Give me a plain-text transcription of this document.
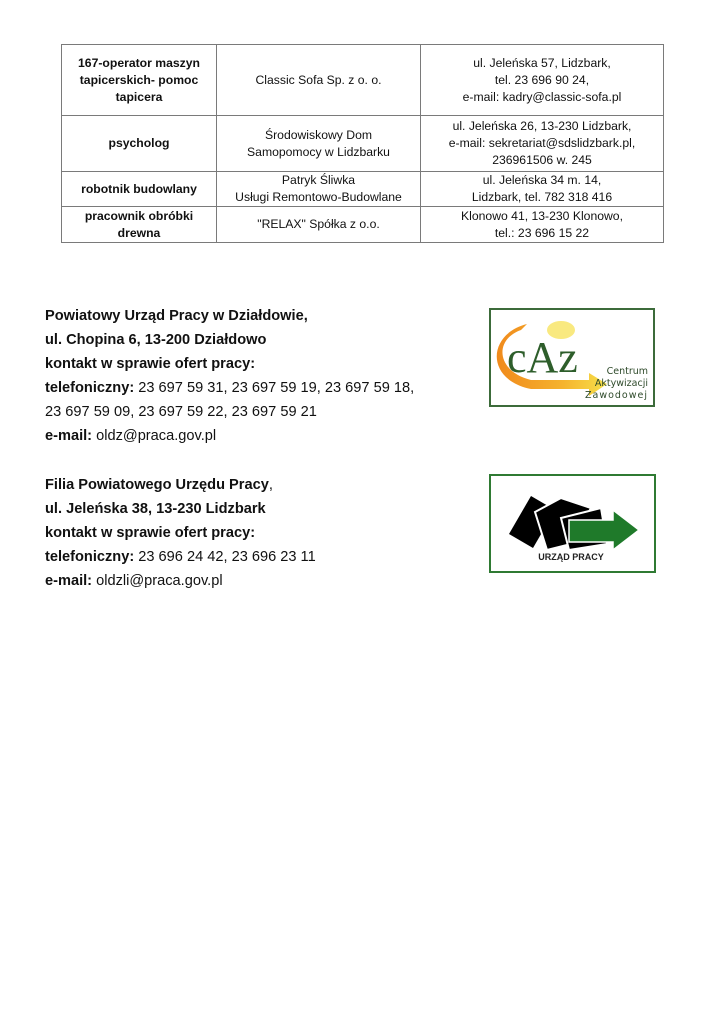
167-operator maszyn
tapicerskich- pomoc
tapicera	Classic Sofa Sp. z o. o.	ul. Jeleńska 57, Lidzbark,
tel. 23 696 90 24,
e-mail: kadry@classic-sofa.pl

psycholog	Środowiskowy Dom
Samopomocy w Lidzbarku	ul. Jeleńska 26, 13-230 Lidzbark,
e-mail: sekretariat@sdslidzbark.pl,
236961506 w. 245

robotnik budowlany	Patryk Śliwka
Usługi Remontowo-Budowlane	ul. Jeleńska 34 m. 14,
Lidzbark, tel. 782 318 416

pracownik obróbki
drewna	"RELAX" Spółka z o.o.	Klonowo 41, 13-230 Klonowo,
tel.: 23 696 15 22
Powiatowy Urząd Pracy w Działdowie,
ul. Chopina 6, 13-200 Działdowo
kontakt w sprawie ofert pracy:
telefoniczny: 23 697 59 31, 23 697 59 19, 23 697 59 18,
23 697 59 09, 23 697 59 22, 23 697 59 21
e-mail: oldz@praca.gov.pl
Filia Powiatowego Urzędu Pracy,
ul. Jeleńska 38, 13-230 Lidzbark
kontakt w sprawie ofert pracy:
telefoniczny: 23 696 24 42, 23 696 23 11
e-mail: oldzli@praca.gov.pl
cAz	Centrum
Aktywizacji
Zawodowej
URZĄD PRACY
